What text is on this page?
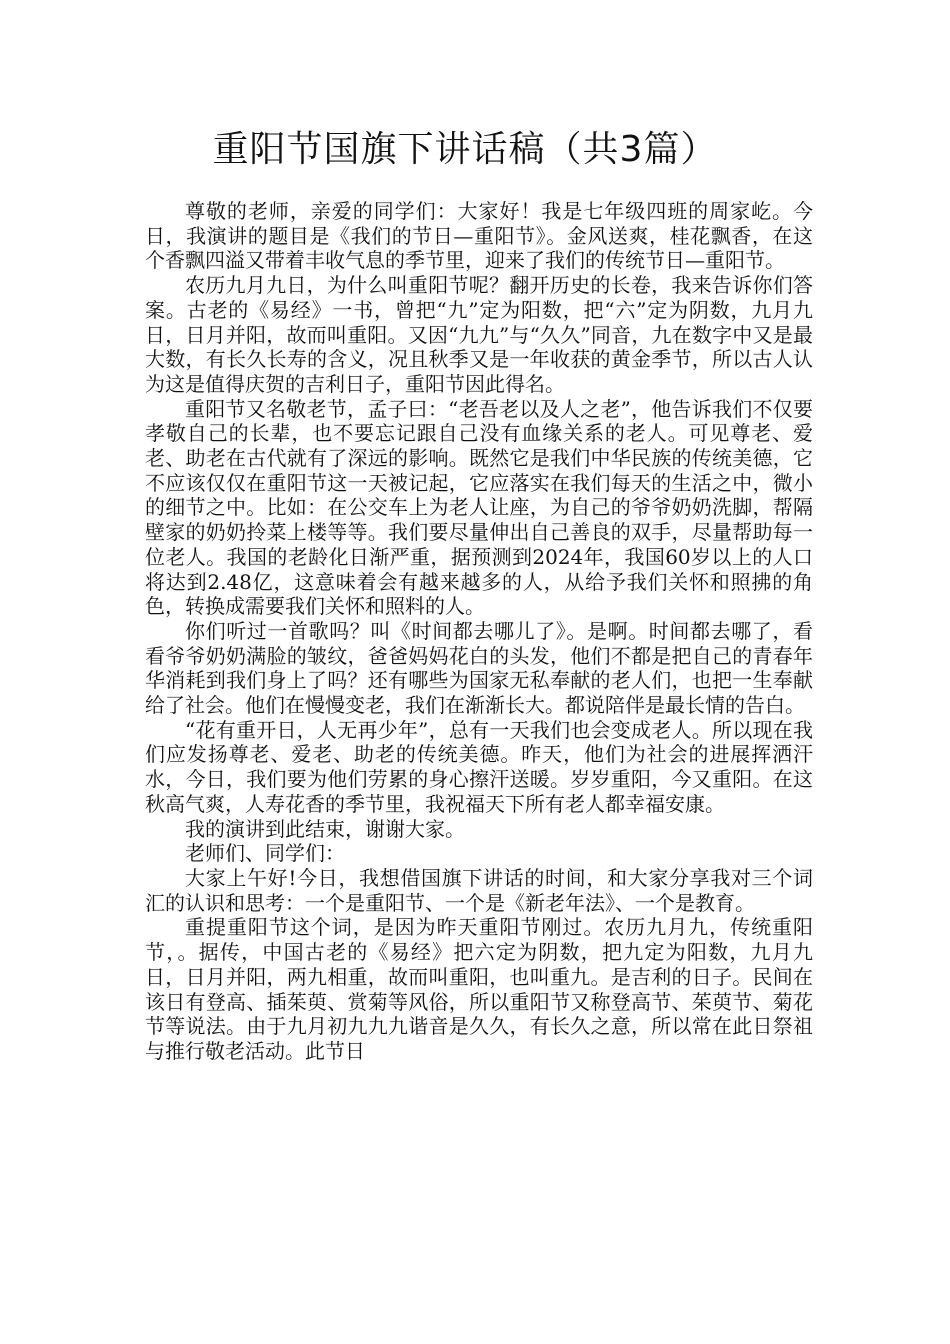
重阳节国旗下讲话稿（共3篇）

尊敬的老师，亲爱的同学们：大家好！我是七年级四班的周家屹。今日，我演讲的题目是《我们的节日—重阳节》。金风送爽，桂花飘香，在这个香飘四溢又带着丰收气息的季节里，迎来了我们的传统节日—重阳节。

农历九月九日，为什么叫重阳节呢？翻开历史的长卷，我来告诉你们答案。古老的《易经》一书，曾把“九”定为阳数，把“六”定为阴数，九月九日，日月并阳，故而叫重阳。又因“九九”与“久久”同音，九在数字中又是最大数，有长久长寿的含义，况且秋季又是一年收获的黄金季节，所以古人认为这是值得庆贺的吉利日子，重阳节因此得名。

重阳节又名敬老节，孟子曰：“老吾老以及人之老”，他告诉我们不仅要孝敬自己的长辈，也不要忘记跟自己没有血缘关系的老人。可见尊老、爱老、助老在古代就有了深远的影响。既然它是我们中华民族的传统美德，它不应该仅仅在重阳节这一天被记起，它应落实在我们每天的生活之中，微小的细节之中。比如：在公交车上为老人让座，为自己的爷爷奶奶洗脚，帮隔壁家的奶奶拎菜上楼等等。我们要尽量伸出自己善良的双手，尽量帮助每一位老人。我国的老龄化日渐严重，据预测到2024年，我国60岁以上的人口将达到2.48亿，这意味着会有越来越多的人，从给予我们关怀和照拂的角色，转换成需要我们关怀和照料的人。

你们听过一首歌吗？叫《时间都去哪儿了》。是啊。时间都去哪了，看看爷爷奶奶满脸的皱纹，爸爸妈妈花白的头发，他们不都是把自己的青春年华消耗到我们身上了吗？还有哪些为国家无私奉献的老人们，也把一生奉献给了社会。他们在慢慢变老，我们在渐渐长大。都说陪伴是最长情的告白。

“花有重开日，人无再少年”，总有一天我们也会变成老人。所以现在我们应发扬尊老、爱老、助老的传统美德。昨天，他们为社会的进展挥洒汗水，今日，我们要为他们劳累的身心擦汗送暖。岁岁重阳，今又重阳。在这秋高气爽，人寿花香的季节里，我祝福天下所有老人都幸福安康。

我的演讲到此结束，谢谢大家。

老师们、同学们：

大家上午好!今日，我想借国旗下讲话的时间，和大家分享我对三个词汇的认识和思考：一个是重阳节、一个是《新老年法》、一个是教育。

重提重阳节这个词，是因为昨天重阳节刚过。农历九月九，传统重阳节，。据传，中国古老的《易经》把六定为阴数，把九定为阳数，九月九日，日月并阳，两九相重，故而叫重阳，也叫重九。是吉利的日子。民间在该日有登高、插茱萸、赏菊等风俗，所以重阳节又称登高节、茱萸节、菊花节等说法。由于九月初九九九谐音是久久，有长久之意，所以常在此日祭祖与推行敬老活动。此节日
